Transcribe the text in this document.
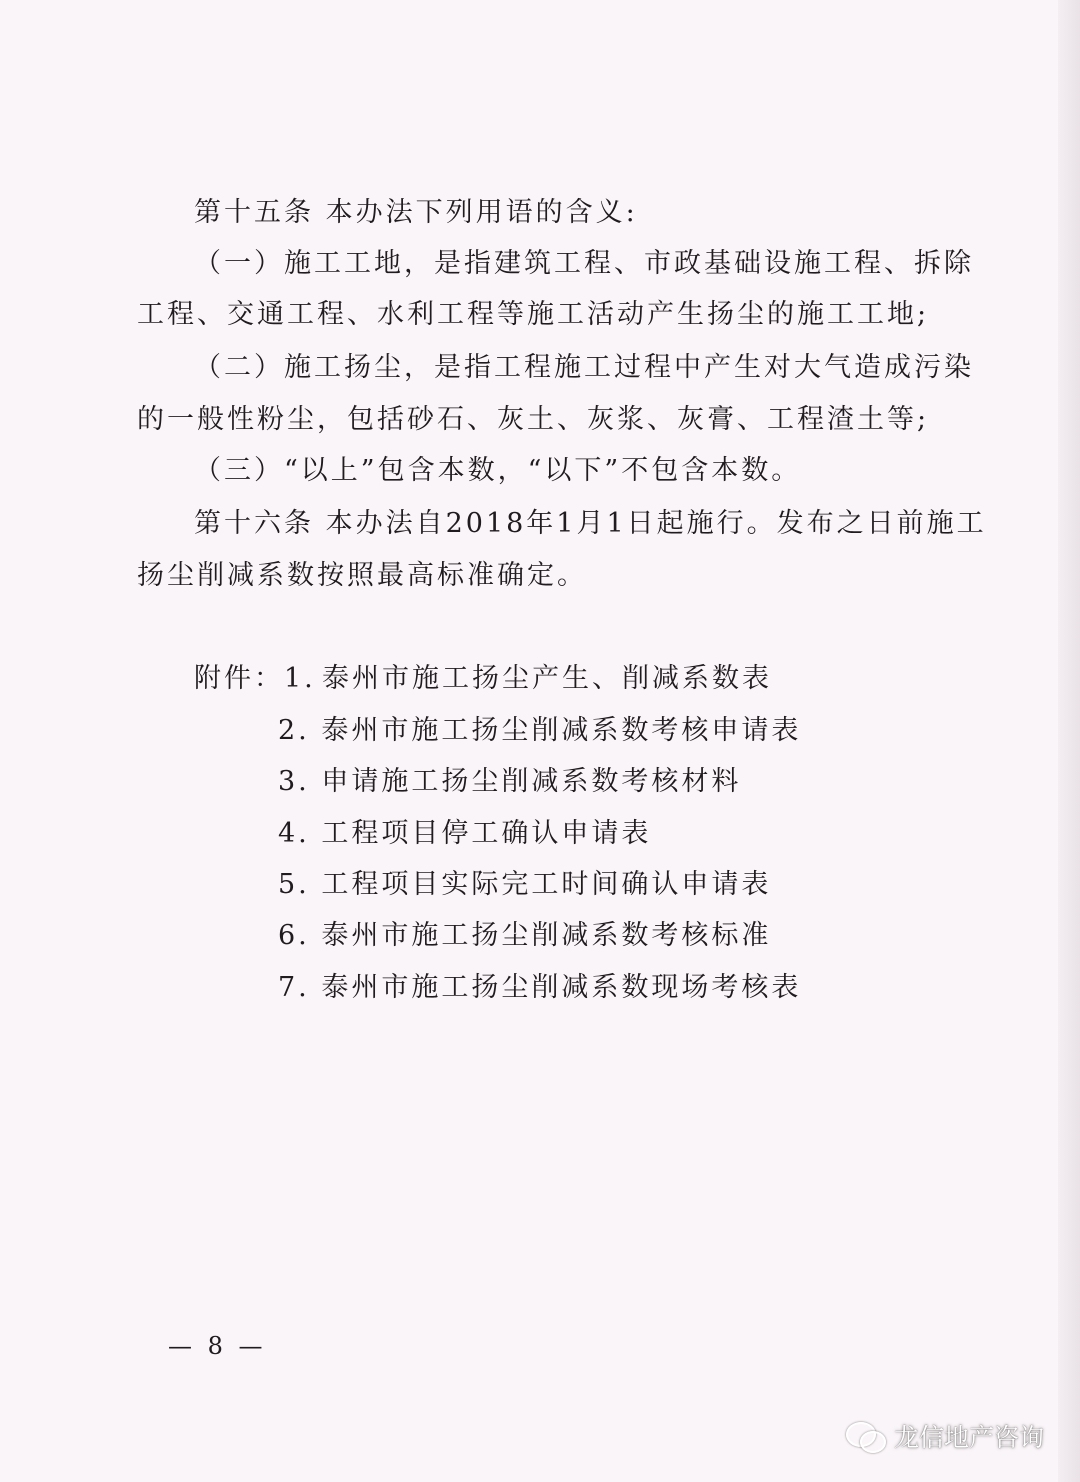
第十五条 本办法下列用语的含义:
（一）施工工地，是指建筑工程、市政基础设施工程、拆除
工程、交通工程、水利工程等施工活动产生扬尘的施工工地;
（二）施工扬尘，是指工程施工过程中产生对大气造成污染
的一般性粉尘，包括砂石、灰土、灰浆、灰膏、工程渣土等;
（三）“以上”包含本数，“以下”不包含本数。
第十六条 本办法自2018年1月1日起施行。发布之日前施工
扬尘削减系数按照最高标准确定。
附件：1. 泰州市施工扬尘产生、削减系数表
2. 泰州市施工扬尘削减系数考核申请表
3. 申请施工扬尘削减系数考核材料
4. 工程项目停工确认申请表
5. 工程项目实际完工时间确认申请表
6. 泰州市施工扬尘削减系数考核标准
7. 泰州市施工扬尘削减系数现场考核表
— 8 —
龙信地产咨询
